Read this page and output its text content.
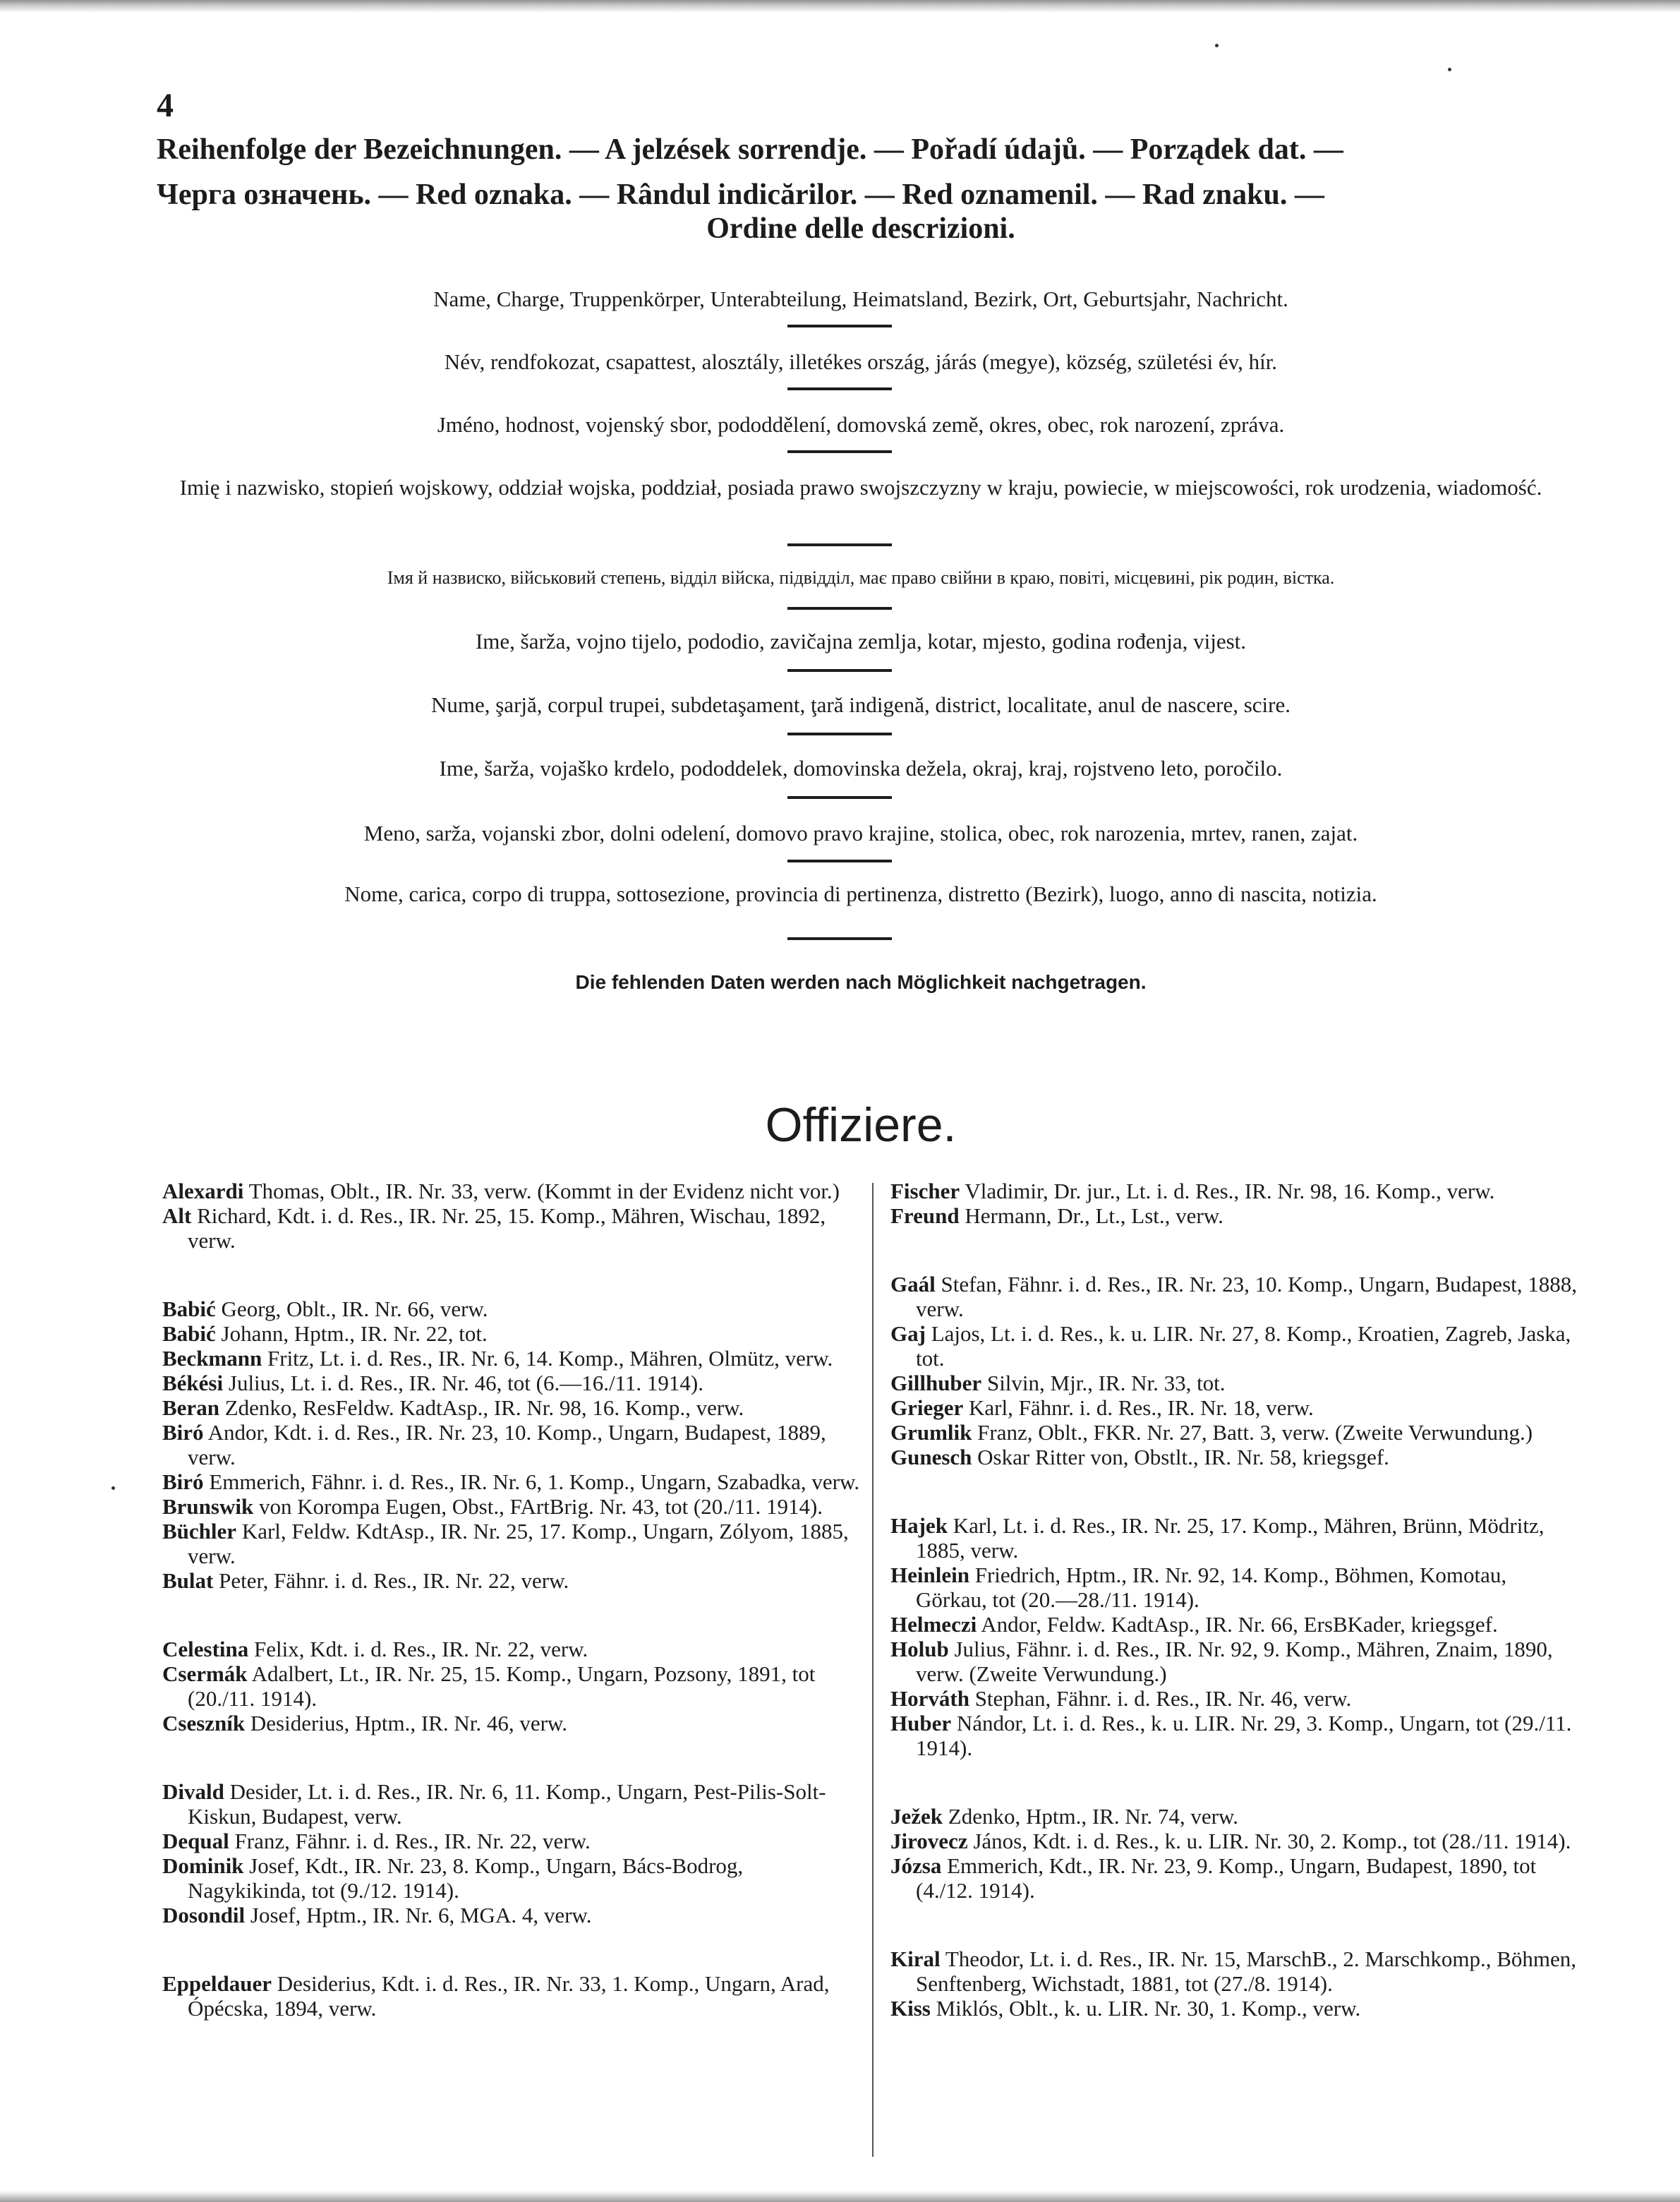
4
Reihenfolge der Bezeichnungen. — A jelzések sorrendje. — Pořadí údajů. — Porządek dat. —
Черга означень. — Red oznaka. — Rândul indicărilor. — Red oznamenil. — Rad znaku. —
Ordine delle descrizioni.
Name, Charge, Truppenkörper, Unterabteilung, Heimatsland, Bezirk, Ort, Geburtsjahr, Nachricht.
Név, rendfokozat, csapattest, alosztály, illetékes ország, járás (megye), község, születési év, hír.
Jméno, hodnost, vojenský sbor, pododdělení, domovská země, okres, obec, rok narození, zpráva.
Imię i nazwisko, stopień wojskowy, oddział wojska, poddział, posiada prawo swojszczyzny w kraju, powiecie, w miejscowości, rok urodzenia, wiadomość.
Імя й назвиско, військовий степень, відділ війска, підвідділ, має право свійни в краю, повіті, місцевині, рік родин, вістка.
Ime, šarža, vojno tijelo, pododio, zavičajna zemlja, kotar, mjesto, godina rođenja, vijest.
Nume, şarjă, corpul trupei, subdetaşament, ţară indigenă, district, localitate, anul de nascere, scire.
Ime, šarža, vojaško krdelo, pododdelek, domovinska dežela, okraj, kraj, rojstveno leto, poročilo.
Meno, sarža, vojanski zbor, dolni odelení, domovo pravo krajine, stolica, obec, rok narozenia, mrtev, ranen, zajat.
Nome, carica, corpo di truppa, sottosezione, provincia di pertinenza, distretto (Bezirk), luogo, anno di nascita, notizia.
Die fehlenden Daten werden nach Möglichkeit nachgetragen.
Offiziere.

Alexardi Thomas, Oblt., IR. Nr. 33, verw. (Kommt in der Evidenz nicht vor.)

Alt Richard, Kdt. i. d. Res., IR. Nr. 25, 15. Komp., Mähren, Wischau, 1892, verw.

Babić Georg, Oblt., IR. Nr. 66, verw.

Babić Johann, Hptm., IR. Nr. 22, tot.

Beckmann Fritz, Lt. i. d. Res., IR. Nr. 6, 14. Komp., Mähren, Olmütz, verw.

Békési Julius, Lt. i. d. Res., IR. Nr. 46, tot (6.—16./11. 1914).

Beran Zdenko, ResFeldw. KadtAsp., IR. Nr. 98, 16. Komp., verw.

Biró Andor, Kdt. i. d. Res., IR. Nr. 23, 10. Komp., Ungarn, Budapest, 1889, verw.

Biró Emmerich, Fähnr. i. d. Res., IR. Nr. 6, 1. Komp., Ungarn, Szabadka, verw.

Brunswik von Korompa Eugen, Obst., FArtBrig. Nr. 43, tot (20./11. 1914).

Büchler Karl, Feldw. KdtAsp., IR. Nr. 25, 17. Komp., Ungarn, Zólyom, 1885, verw.

Bulat Peter, Fähnr. i. d. Res., IR. Nr. 22, verw.

Celestina Felix, Kdt. i. d. Res., IR. Nr. 22, verw.

Csermák Adalbert, Lt., IR. Nr. 25, 15. Komp., Ungarn, Pozsony, 1891, tot (20./11. 1914).

Cseszník Desiderius, Hptm., IR. Nr. 46, verw.

Divald Desider, Lt. i. d. Res., IR. Nr. 6, 11. Komp., Ungarn, Pest-Pilis-Solt-Kiskun, Budapest, verw.

Dequal Franz, Fähnr. i. d. Res., IR. Nr. 22, verw.

Dominik Josef, Kdt., IR. Nr. 23, 8. Komp., Ungarn, Bács-Bodrog, Nagykikinda, tot (9./12. 1914).

Dosondil Josef, Hptm., IR. Nr. 6, MGA. 4, verw.

Eppeldauer Desiderius, Kdt. i. d. Res., IR. Nr. 33, 1. Komp., Ungarn, Arad, Ópécska, 1894, verw.

Fischer Vladimir, Dr. jur., Lt. i. d. Res., IR. Nr. 98, 16. Komp., verw.

Freund Hermann, Dr., Lt., Lst., verw.

Gaál Stefan, Fähnr. i. d. Res., IR. Nr. 23, 10. Komp., Ungarn, Budapest, 1888, verw.

Gaj Lajos, Lt. i. d. Res., k. u. LIR. Nr. 27, 8. Komp., Kroatien, Zagreb, Jaska, tot.

Gillhuber Silvin, Mjr., IR. Nr. 33, tot.

Grieger Karl, Fähnr. i. d. Res., IR. Nr. 18, verw.

Grumlik Franz, Oblt., FKR. Nr. 27, Batt. 3, verw. (Zweite Verwundung.)

Gunesch Oskar Ritter von, Obstlt., IR. Nr. 58, kriegsgef.

Hajek Karl, Lt. i. d. Res., IR. Nr. 25, 17. Komp., Mähren, Brünn, Mödritz, 1885, verw.

Heinlein Friedrich, Hptm., IR. Nr. 92, 14. Komp., Böhmen, Komotau, Görkau, tot (20.—28./11. 1914).

Helmeczi Andor, Feldw. KadtAsp., IR. Nr. 66, ErsBKader, kriegsgef.

Holub Julius, Fähnr. i. d. Res., IR. Nr. 92, 9. Komp., Mähren, Znaim, 1890, verw. (Zweite Verwundung.)

Horváth Stephan, Fähnr. i. d. Res., IR. Nr. 46, verw.

Huber Nándor, Lt. i. d. Res., k. u. LIR. Nr. 29, 3. Komp., Ungarn, tot (29./11. 1914).

Ježek Zdenko, Hptm., IR. Nr. 74, verw.

Jirovecz János, Kdt. i. d. Res., k. u. LIR. Nr. 30, 2. Komp., tot (28./11. 1914).

Józsa Emmerich, Kdt., IR. Nr. 23, 9. Komp., Ungarn, Budapest, 1890, tot (4./12. 1914).

Kiral Theodor, Lt. i. d. Res., IR. Nr. 15, MarschB., 2. Marschkomp., Böhmen, Senftenberg, Wichstadt, 1881, tot (27./8. 1914).

Kiss Miklós, Oblt., k. u. LIR. Nr. 30, 1. Komp., verw.
